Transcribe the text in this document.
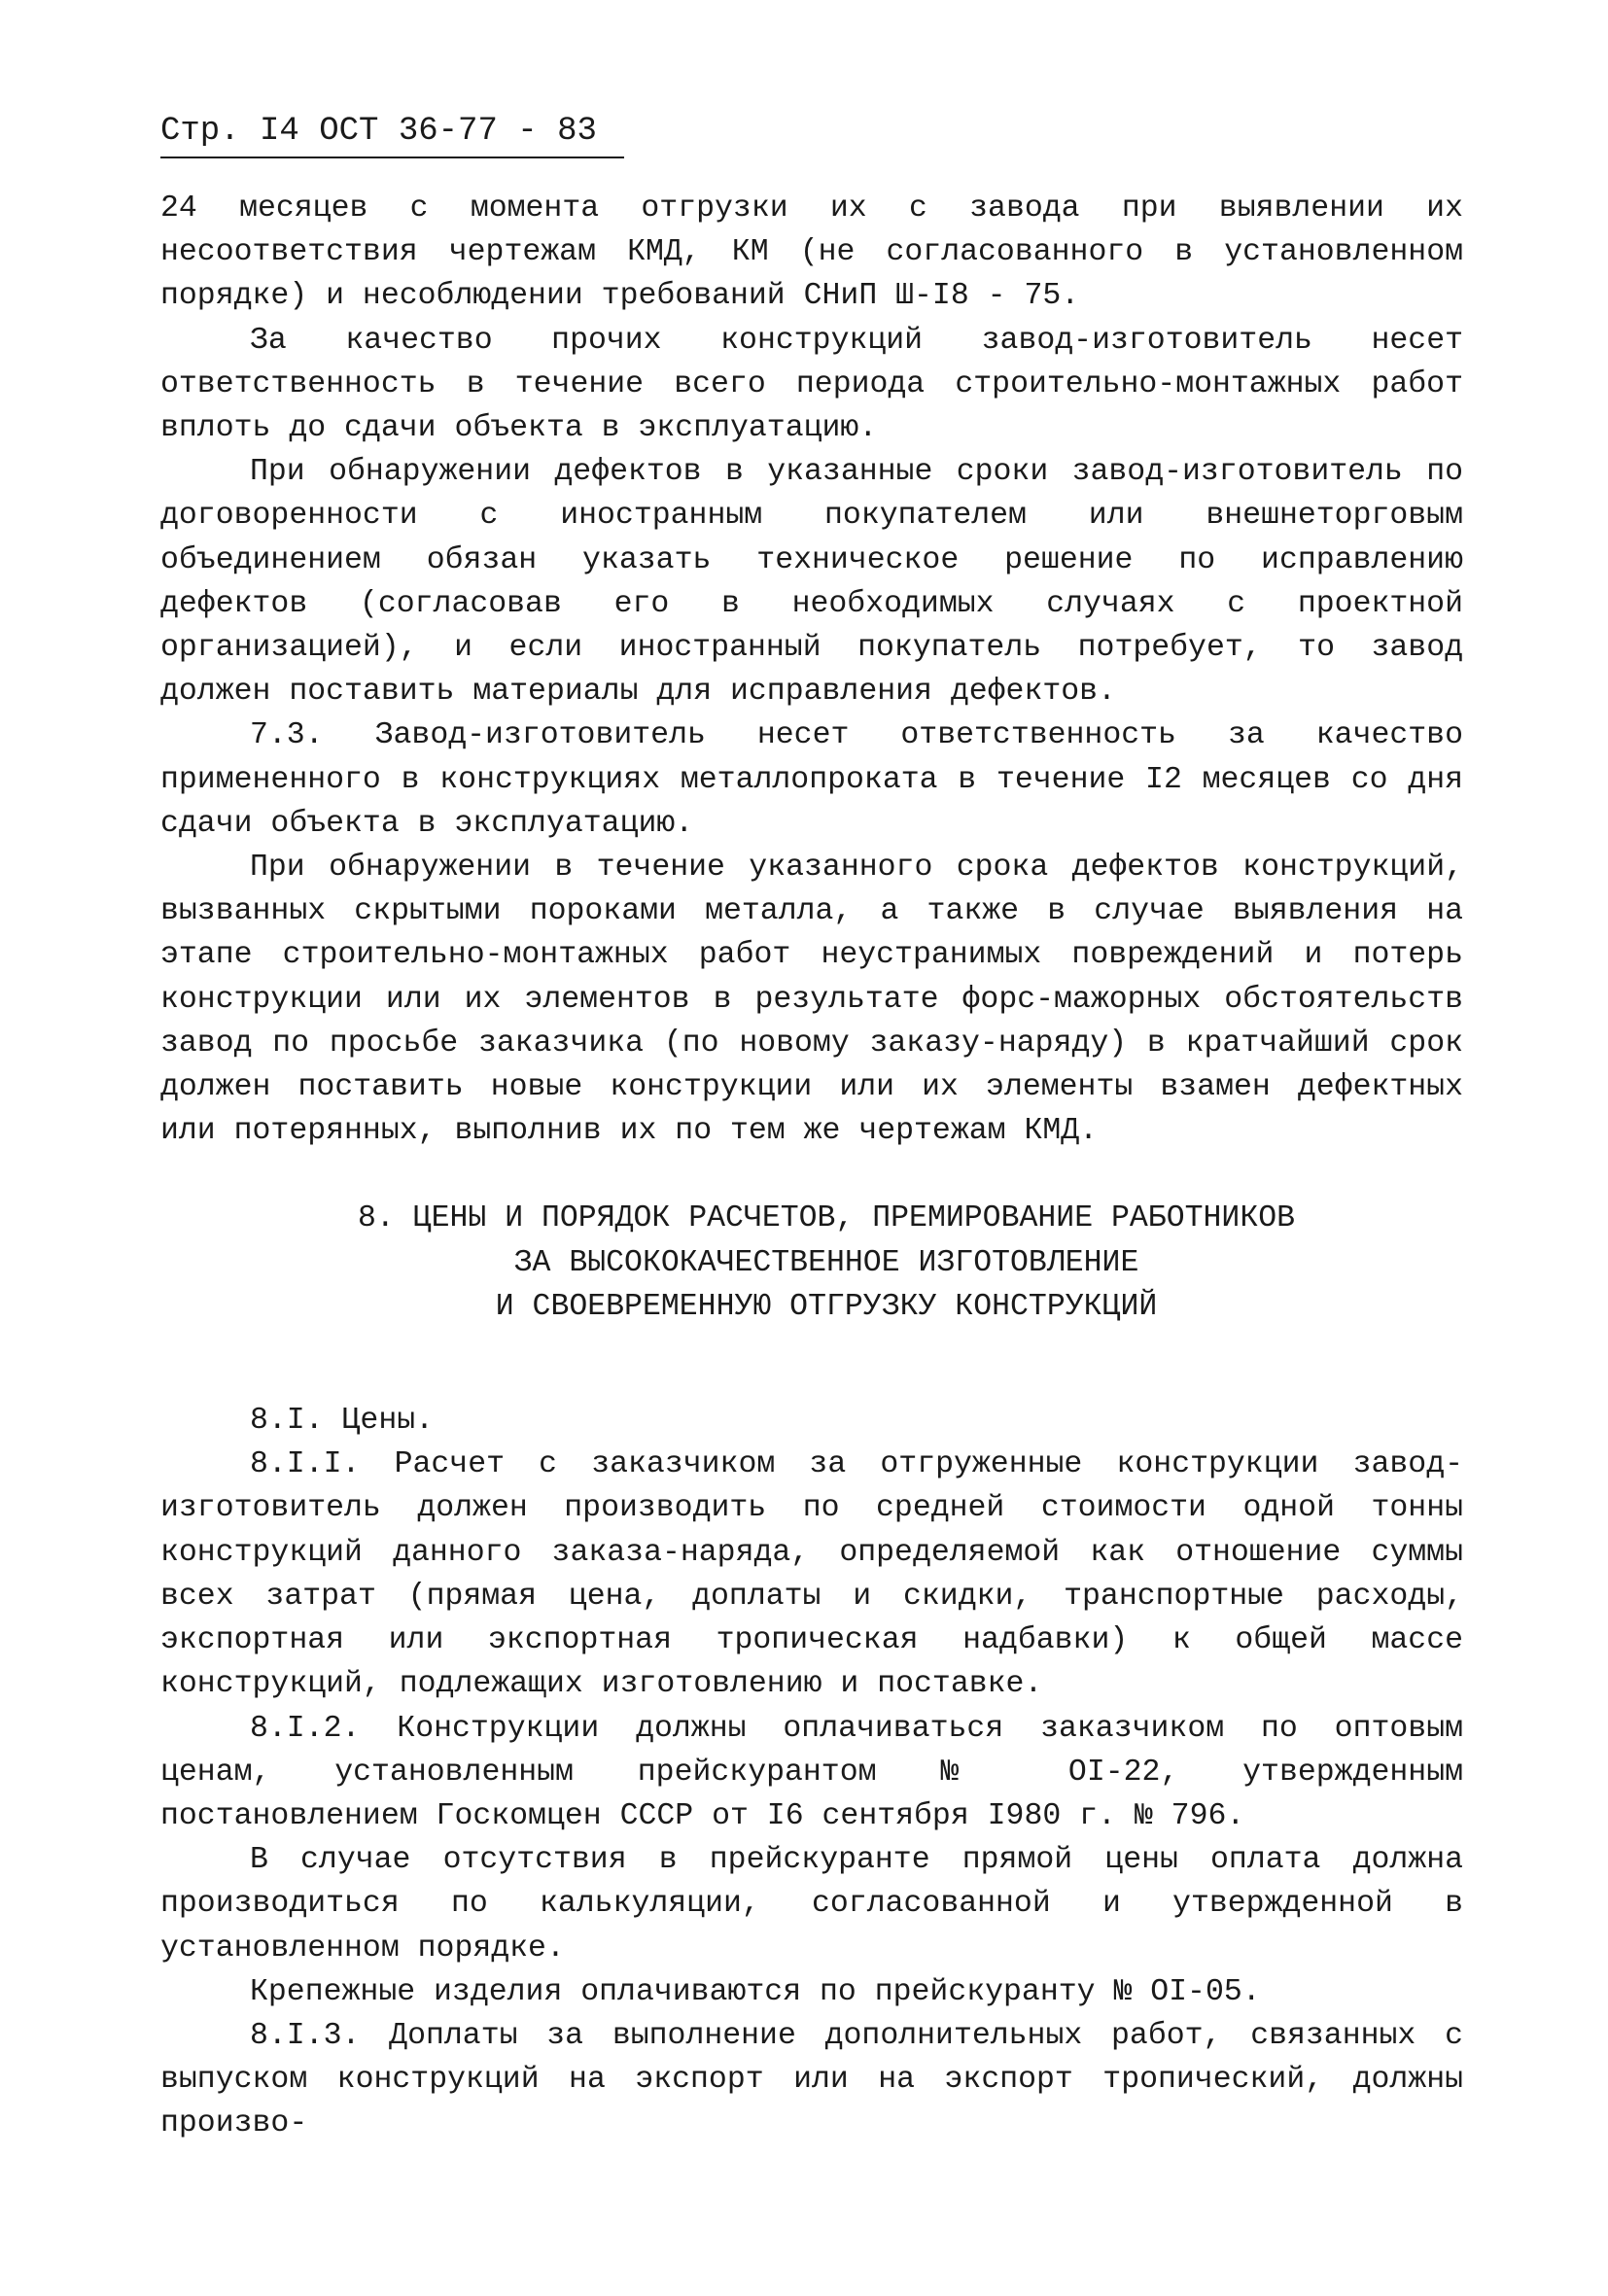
Стр. I4 ОСТ 36-77 - 83

24 месяцев с момента отгрузки их с завода при выявлении их несоответствия чертежам КМД, КМ (не согласованного в установленном порядке) и несоблюдении требований СНиП Ш-I8 - 75.

За качество прочих конструкций завод-изготовитель несет ответственность в течение всего периода строительно-монтажных работ вплоть до сдачи объекта в эксплуатацию.

При обнаружении дефектов в указанные сроки завод-изготовитель по договоренности с иностранным покупателем или внешнеторговым объединением обязан указать техническое решение по исправлению дефектов (согласовав его в необходимых случаях с проектной организацией), и если иностранный покупатель потребует, то завод должен поставить материалы для исправления дефектов.

7.3. Завод-изготовитель несет ответственность за качество примененного в конструкциях металлопроката в течение I2 месяцев со дня сдачи объекта в эксплуатацию.

При обнаружении в течение указанного срока дефектов конструкций, вызванных скрытыми пороками металла, а также в случае выявления на этапе строительно-монтажных работ неустранимых повреждений и потерь конструкции или их элементов в результате форс-мажорных обстоятельств завод по просьбе заказчика (по новому заказу-наряду) в кратчайший срок должен поставить новые конструкции или их элементы взамен дефектных или потерянных, выполнив их по тем же чертежам КМД.

8. ЦЕНЫ И ПОРЯДОК РАСЧЕТОВ, ПРЕМИРОВАНИЕ РАБОТНИКОВ
ЗА ВЫСОКОКАЧЕСТВЕННОЕ ИЗГОТОВЛЕНИЕ
И СВОЕВРЕМЕННУЮ ОТГРУЗКУ КОНСТРУКЦИЙ

8.I. Цены.

8.I.I. Расчет с заказчиком за отгруженные конструкции завод-изготовитель должен производить по средней стоимости одной тонны конструкций данного заказа-наряда, определяемой как отношение суммы всех затрат (прямая цена, доплаты и скидки, транспортные расходы, экспортная или экспортная тропическая надбавки) к общей массе конструкций, подлежащих изготовлению и поставке.

8.I.2. Конструкции должны оплачиваться заказчиком по оптовым ценам, установленным прейскурантом № ОI-22, утвержденным постановлением Госкомцен СССР от I6 сентября I980 г. № 796.

В случае отсутствия в прейскуранте прямой цены оплата должна производиться по калькуляции, согласованной и утвержденной в установленном порядке.

Крепежные изделия оплачиваются по прейскуранту № ОI-05.

8.I.3. Доплаты за выполнение дополнительных работ, связанных с выпуском конструкций на экспорт или на экспорт тропический, должны произво-
